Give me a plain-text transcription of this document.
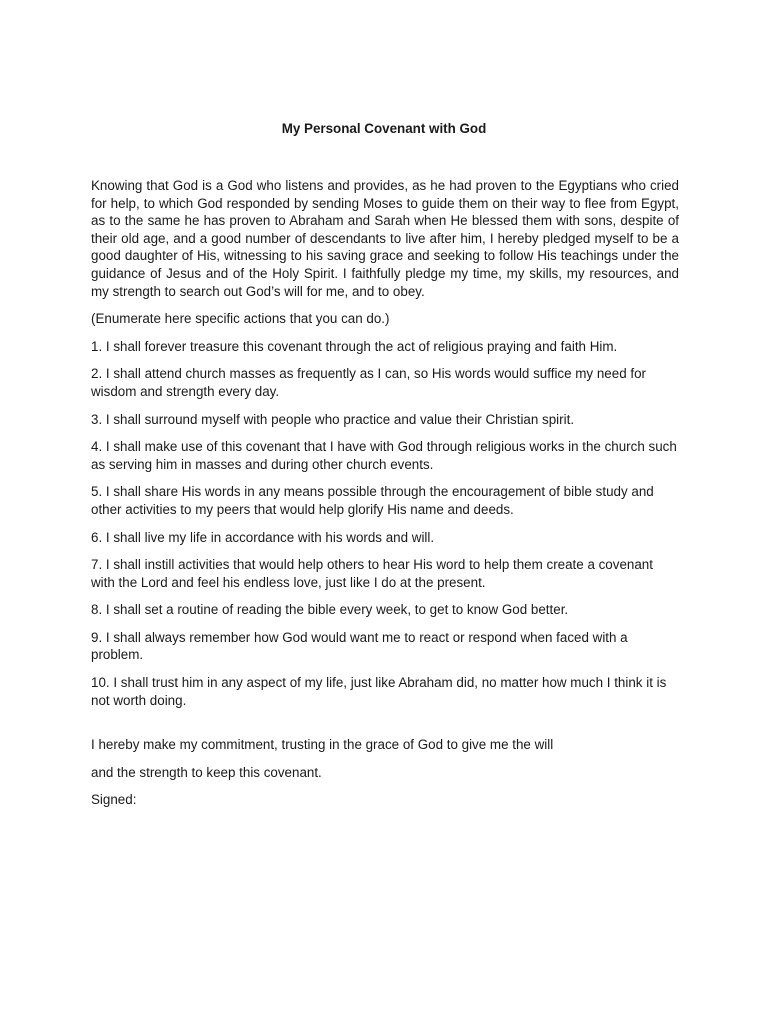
My Personal Covenant with God

Knowing that God is a God who listens and provides, as he had proven to the Egyptians who cried for help, to which God responded by sending Moses to guide them on their way to flee from Egypt, as to the same he has proven to Abraham and Sarah when He blessed them with sons, despite of their old age, and a good number of descendants to live after him, I hereby pledged myself to be a good daughter of His, witnessing to his saving grace and seeking to follow His teachings under the guidance of Jesus and of the Holy Spirit. I faithfully pledge my time, my skills, my resources, and my strength to search out God’s will for me, and to obey.

(Enumerate here specific actions that you can do.)

1. I shall forever treasure this covenant through the act of religious praying and faith Him.

2. I shall attend church masses as frequently as I can, so His words would suffice my need for wisdom and strength every day.

3. I shall surround myself with people who practice and value their Christian spirit.

4. I shall make use of this covenant that I have with God through religious works in the church such as serving him in masses and during other church events.

5. I shall share His words in any means possible through the encouragement of bible study and other activities to my peers that would help glorify His name and deeds.

6. I shall live my life in accordance with his words and will.

7. I shall instill activities that would help others to hear His word to help them create a covenant with the Lord and feel his endless love, just like I do at the present.

8. I shall set a routine of reading the bible every week, to get to know God better.

9. I shall always remember how God would want me to react or respond when faced with a problem.

10. I shall trust him in any aspect of my life, just like Abraham did, no matter how much I think it is not worth doing.

I hereby make my commitment, trusting in the grace of God to give me the will

and the strength to keep this covenant.

Signed:
